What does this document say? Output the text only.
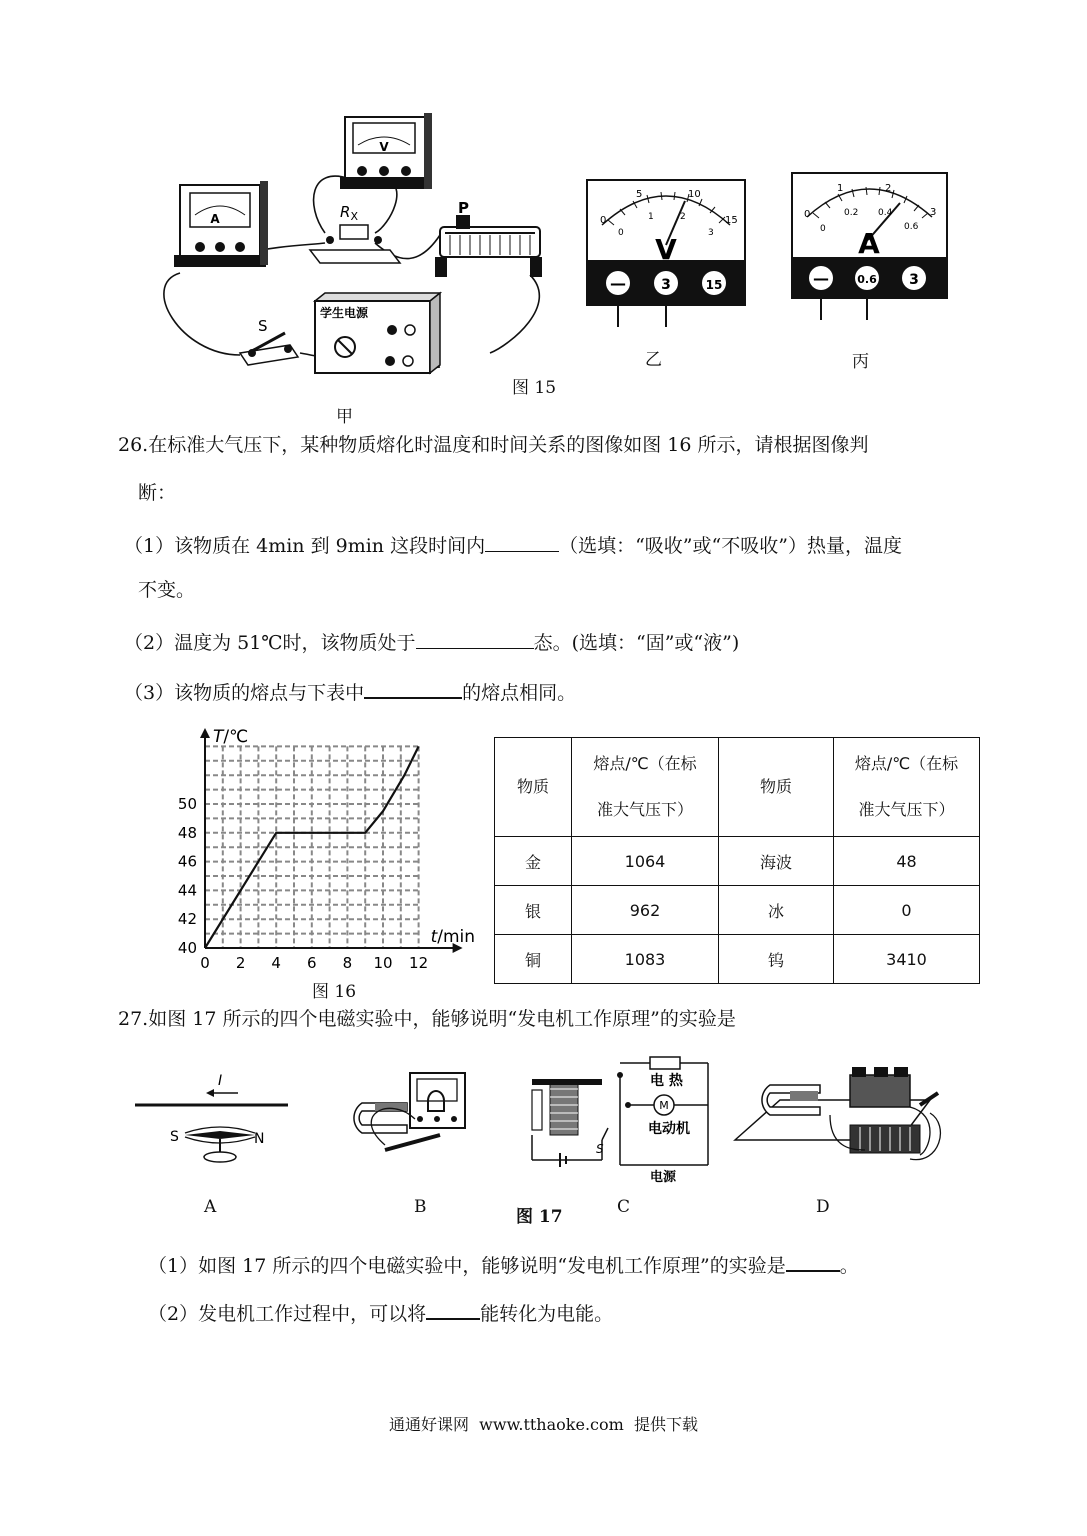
A
V
$R_X$	P
S
学生电源
V
0
5	10
15
0
1	2
3
—	3	15
A
1	2
3
0
0
0.2 0.4
0.6
—	0.6 3
乙	丙
图 15
甲
26.在标准大气压下，某种物质熔化时温度和时间关系的图像如图 16 所示，请根据图像判
断：
（1）该物质在 4min 到 9min 这段时间内	（选填：“吸收”或“不吸收”）热量，温度
不变。
（2）温度为 51℃时，该物质处于	态。(选填：“固”或“液”)
（3）该物质的熔点与下表中	的熔点相同。
0 2 4 6 8 10 12
40
42
44
46
48
50
T/℃
t/min
图 16
物质	熔点/℃（在标
准大气压下）	物质	熔点/℃（在标
准大气压下）
金	1064	海波	48
银	962	冰	0
铜	1083	钨	3410
27.如图 17 所示的四个电磁实验中，能够说明“发电机工作原理”的实验是
I
S	N
M
电 热
电动机
电源
S
A	B	图 17	C	D
（1）如图 17 所示的四个电磁实验中，能够说明“发电机工作原理”的实验是	。
（2）发电机工作过程中，可以将	能转化为电能。
通通好课网  www.tthaoke.com  提供下载
